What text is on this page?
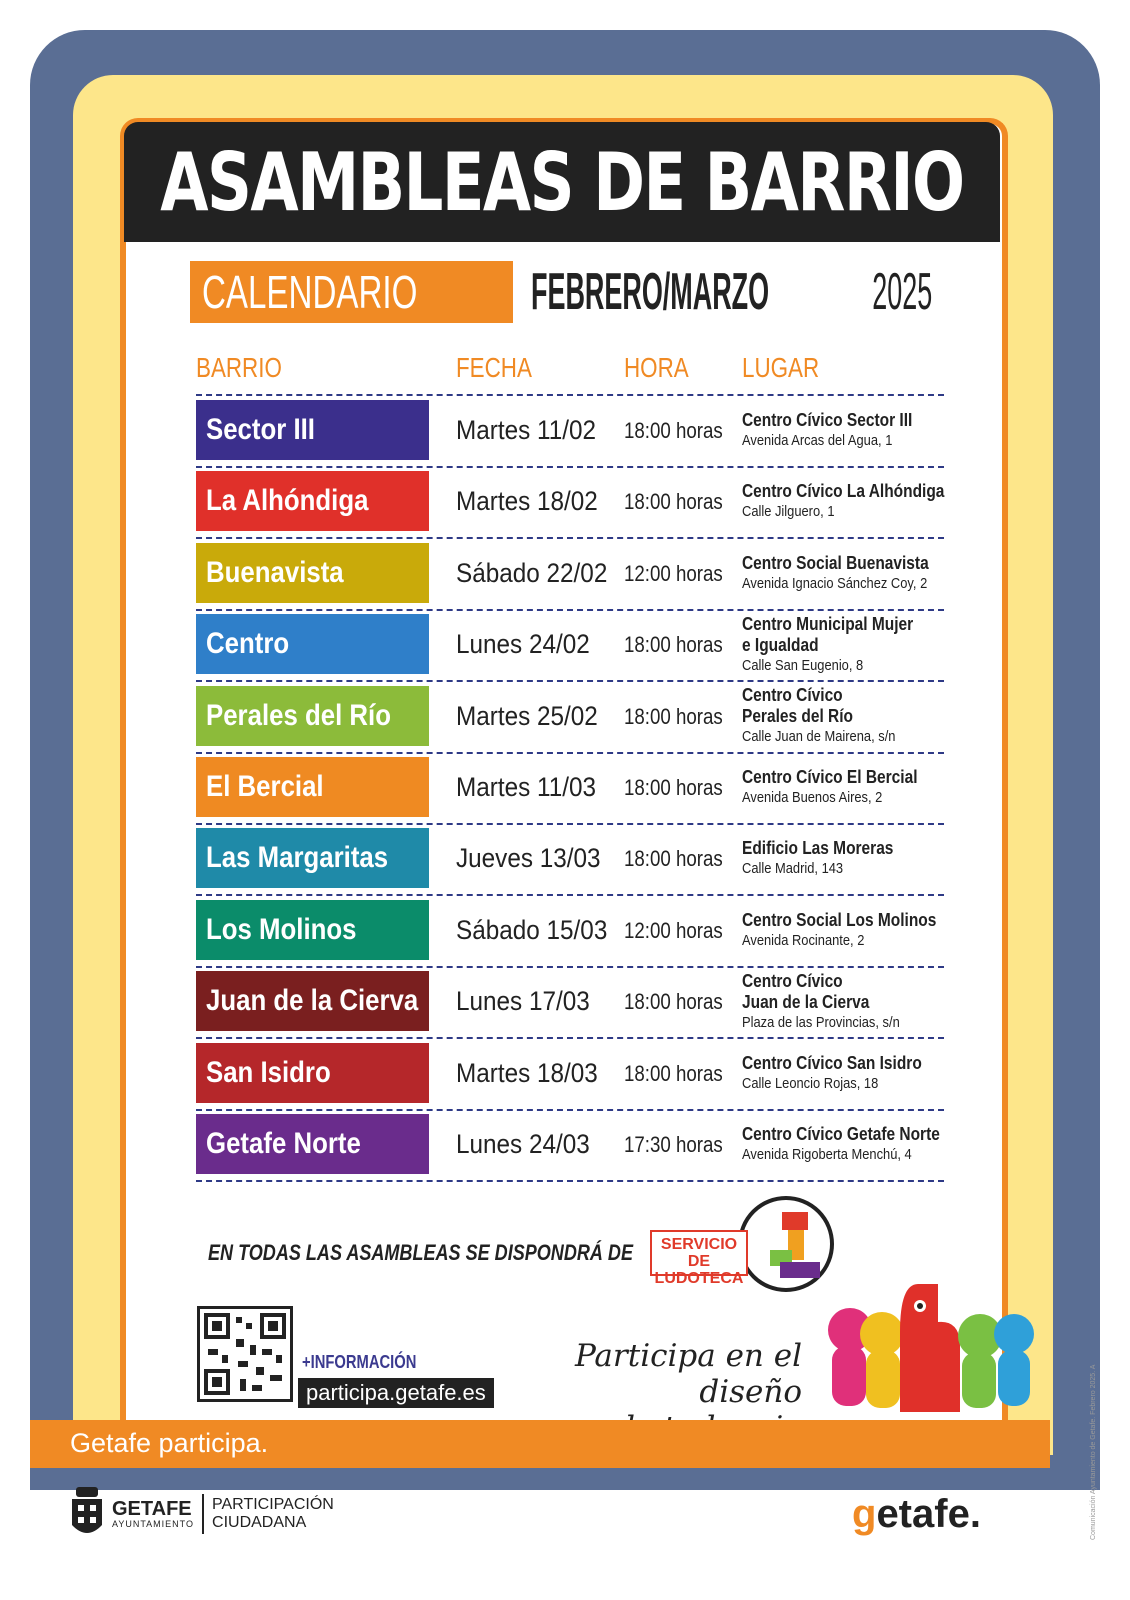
ASAMBLEAS DE BARRIO
CALENDARIO	FEBRERO/MARZO 2025
BARRIO	FECHA	HORA LUGAR
Sector III	Martes 11/02 18:00 horas Centro Cívico Sector III
Avenida Arcas del Agua, 1
La Alhóndiga	Martes 18/02 18:00 horas Centro Cívico La Alhóndiga
Calle Jilguero, 1
Buenavista	Sábado 22/02 12:00 horas Centro Social Buenavista
Avenida Ignacio Sánchez Coy, 2
Centro	Lunes 24/02 18:00 horas
Centro Municipal Mujer
e Igualdad
Calle San Eugenio, 8
Perales del Río Martes 25/02 18:00 horas
Centro Cívico
Perales del Río
Calle Juan de Mairena, s/n
El Bercial	Martes 11/03 18:00 horas Centro Cívico El Bercial
Avenida Buenos Aires, 2
Las Margaritas	Jueves 13/03 18:00 horas Edificio Las Moreras
Calle Madrid, 143
Los Molinos	Sábado 15/03 12:00 horas Centro Social Los Molinos
Avenida Rocinante, 2
Juan de la Cierva Lunes 17/03 18:00 horas
Centro Cívico
Juan de la Cierva
Plaza de las Provincias, s/n
San Isidro	Martes 18/03 18:00 horas Centro Cívico San Isidro
Calle Leoncio Rojas, 18
Getafe Norte	Lunes 24/03 17:30 horas Centro Cívico Getafe Norte
Avenida Rigoberta Menchú, 4
EN TODAS LAS ASAMBLEAS SE DISPONDRÁ DE	SERVICIO DE
LUDOTECA
+INFORMACIÓN
participa.getafe.es
Participa en el diseño
Getafe participa.	Comunicación Ayuntamiento de Getafe. Febrero 2025. A
GETAFE
AYUNTAMIENTO
PARTICIPACIÓN
CIUDADANA	getafe.
